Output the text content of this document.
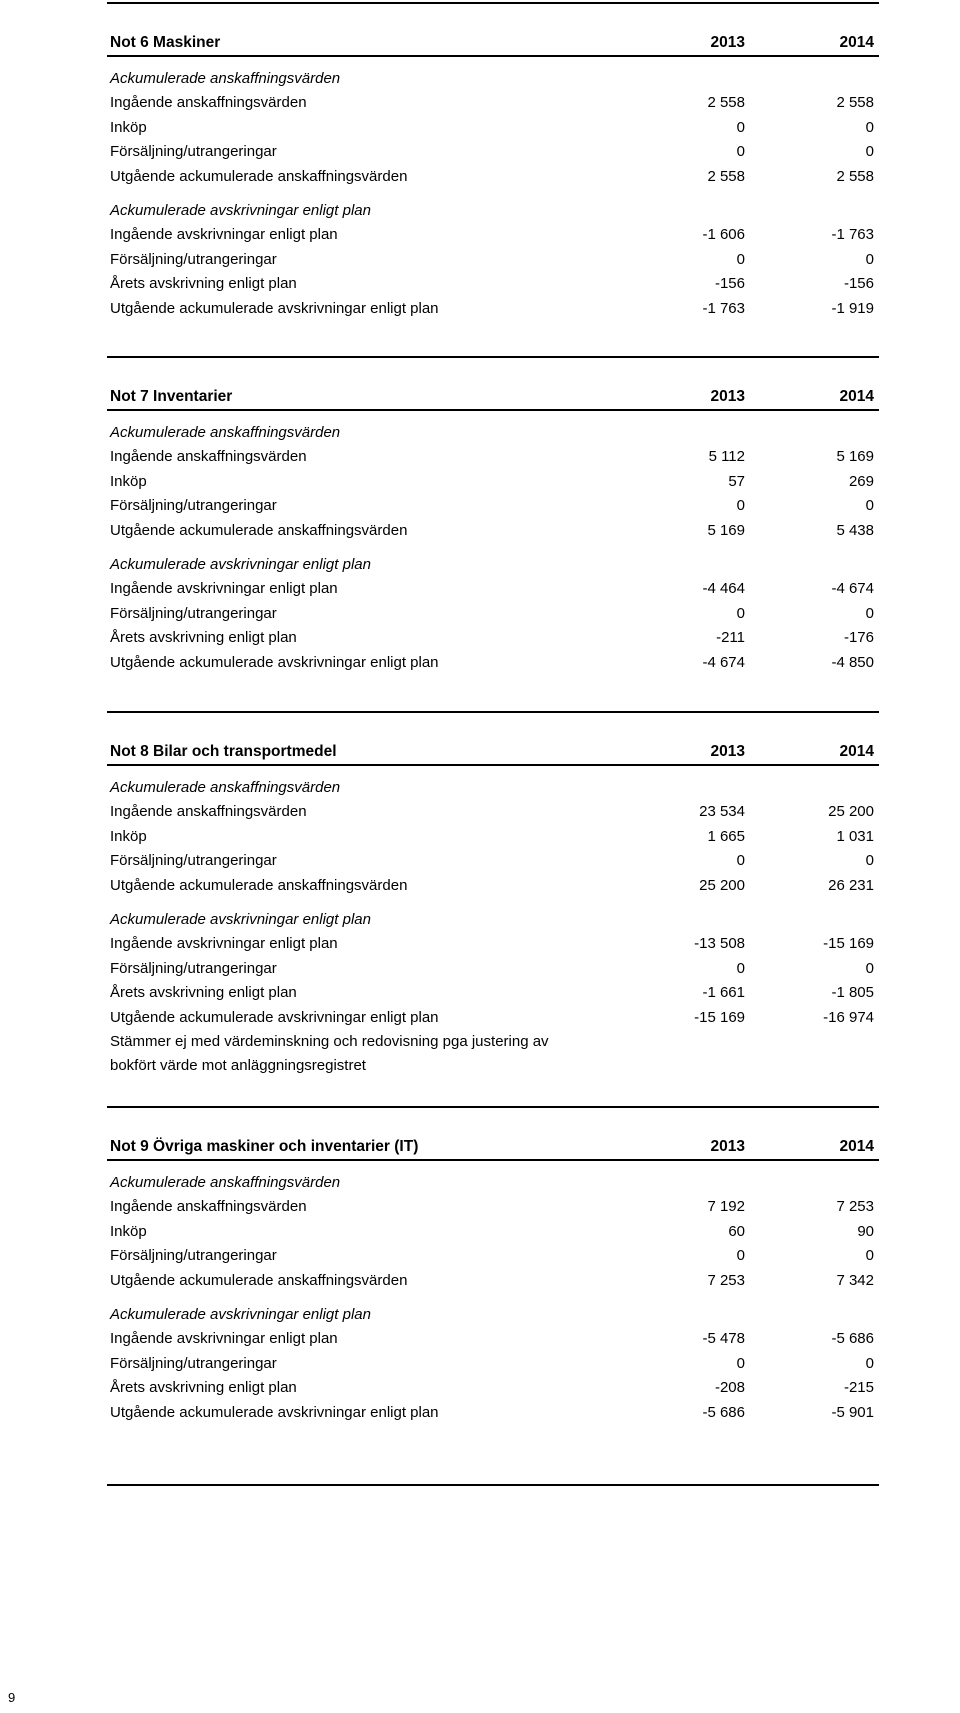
Not 6 Maskiner	2013	2014
Ackumulerade anskaffningsvärden
Ingående anskaffningsvärden	2 558	2 558
Inköp	0	0
Försäljning/utrangeringar	0	0
Utgående ackumulerade anskaffningsvärden	2 558	2 558
Ackumulerade avskrivningar enligt plan
Ingående avskrivningar enligt plan	-1 606	-1 763
Försäljning/utrangeringar	0	0
Årets avskrivning enligt plan	-156	-156
Utgående ackumulerade avskrivningar enligt plan	-1 763	-1 919
Not 7 Inventarier	2013	2014
Ackumulerade anskaffningsvärden
Ingående anskaffningsvärden	5 112	5 169
Inköp	57	269
Försäljning/utrangeringar	0	0
Utgående ackumulerade anskaffningsvärden	5 169	5 438
Ackumulerade avskrivningar enligt plan
Ingående avskrivningar enligt plan	-4 464	-4 674
Försäljning/utrangeringar	0	0
Årets avskrivning enligt plan	-211	-176
Utgående ackumulerade avskrivningar enligt plan	-4 674	-4 850
Not 8 Bilar och transportmedel	2013	2014
Ackumulerade anskaffningsvärden
Ingående anskaffningsvärden	23 534	25 200
Inköp	1 665	1 031
Försäljning/utrangeringar	0	0
Utgående ackumulerade anskaffningsvärden	25 200	26 231
Ackumulerade avskrivningar enligt plan
Ingående avskrivningar enligt plan	-13 508	-15 169
Försäljning/utrangeringar	0	0
Årets avskrivning enligt plan	-1 661	-1 805
Utgående ackumulerade avskrivningar enligt plan	-15 169	-16 974
Stämmer ej med värdeminskning och redovisning pga justering av
bokfört värde mot anläggningsregistret
Not 9 Övriga maskiner och inventarier (IT)	2013	2014
Ackumulerade anskaffningsvärden
Ingående anskaffningsvärden	7 192	7 253
Inköp	60	90
Försäljning/utrangeringar	0	0
Utgående ackumulerade anskaffningsvärden	7 253	7 342
Ackumulerade avskrivningar enligt plan
Ingående avskrivningar enligt plan	-5 478	-5 686
Försäljning/utrangeringar	0	0
Årets avskrivning enligt plan	-208	-215
Utgående ackumulerade avskrivningar enligt plan	-5 686	-5 901
9
